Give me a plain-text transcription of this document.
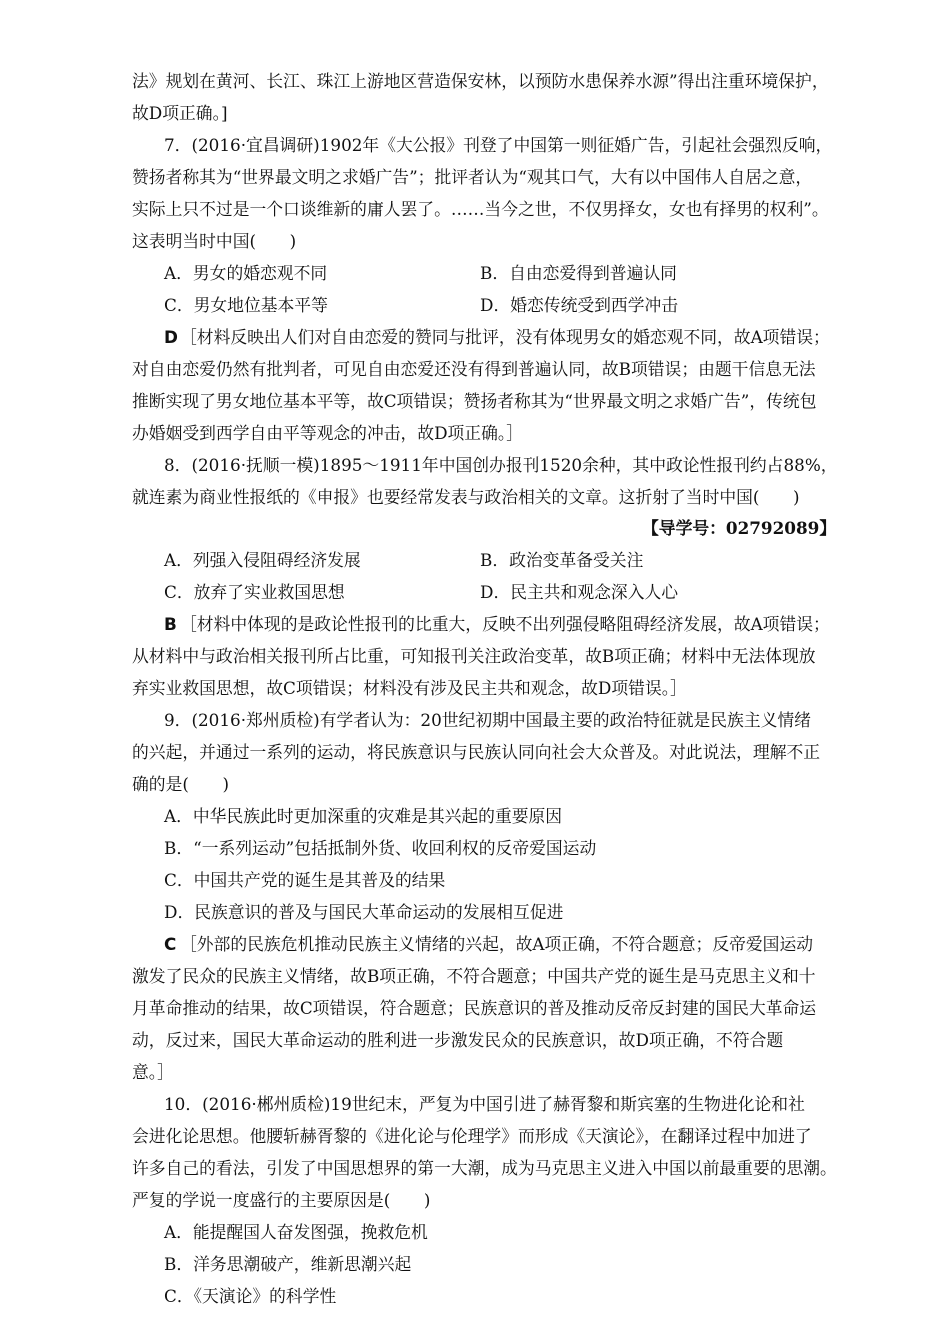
法》规划在黄河、长江、珠江上游地区营造保安林，以预防水患保养水源”得出注重环境保护，
故D项正确。]
7．(2016·宜昌调研)1902年《大公报》刊登了中国第一则征婚广告，引起社会强烈反响，
赞扬者称其为“世界最文明之求婚广告”；批评者认为“观其口气，大有以中国伟人自居之意，
实际上只不过是一个口谈维新的庸人罢了。……当今之世，不仅男择女，女也有择男的权利”。
这表明当时中国(　　)
A．男女的婚恋观不同	B．自由恋爱得到普遍认同
C．男女地位基本平等	D．婚恋传统受到西学冲击
D ［材料反映出人们对自由恋爱的赞同与批评，没有体现男女的婚恋观不同，故A项错误；
对自由恋爱仍然有批判者，可见自由恋爱还没有得到普遍认同，故B项错误；由题干信息无法
推断实现了男女地位基本平等，故C项错误；赞扬者称其为“世界最文明之求婚广告”，传统包
办婚姻受到西学自由平等观念的冲击，故D项正确。］
8．(2016·抚顺一模)1895～1911年中国创办报刊1520余种，其中政论性报刊约占88%，
就连素为商业性报纸的《申报》也要经常发表与政治相关的文章。这折射了当时中国(　　)
【导学号：02792089】
A．列强入侵阻碍经济发展	B．政治变革备受关注
C．放弃了实业救国思想	D．民主共和观念深入人心
B ［材料中体现的是政论性报刊的比重大，反映不出列强侵略阻碍经济发展，故A项错误；
从材料中与政治相关报刊所占比重，可知报刊关注政治变革，故B项正确；材料中无法体现放
弃实业救国思想，故C项错误；材料没有涉及民主共和观念，故D项错误。］
9．(2016·郑州质检)有学者认为：20世纪初期中国最主要的政治特征就是民族主义情绪
的兴起，并通过一系列的运动，将民族意识与民族认同向社会大众普及。对此说法，理解不正
确的是(　　)
A．中华民族此时更加深重的灾难是其兴起的重要原因
B．“一系列运动”包括抵制外货、收回利权的反帝爱国运动
C．中国共产党的诞生是其普及的结果
D．民族意识的普及与国民大革命运动的发展相互促进
C ［外部的民族危机推动民族主义情绪的兴起，故A项正确，不符合题意；反帝爱国运动
激发了民众的民族主义情绪，故B项正确，不符合题意；中国共产党的诞生是马克思主义和十
月革命推动的结果，故C项错误，符合题意；民族意识的普及推动反帝反封建的国民大革命运
动，反过来，国民大革命运动的胜利进一步激发民众的民族意识，故D项正确，不符合题
意。］
10．(2016·郴州质检)19世纪末，严复为中国引进了赫胥黎和斯宾塞的生物进化论和社
会进化论思想。他腰斩赫胥黎的《进化论与伦理学》而形成《天演论》，在翻译过程中加进了
许多自己的看法，引发了中国思想界的第一大潮，成为马克思主义进入中国以前最重要的思潮。
严复的学说一度盛行的主要原因是(　　)
A．能提醒国人奋发图强，挽救危机
B．洋务思潮破产，维新思潮兴起
C．《天演论》的科学性
